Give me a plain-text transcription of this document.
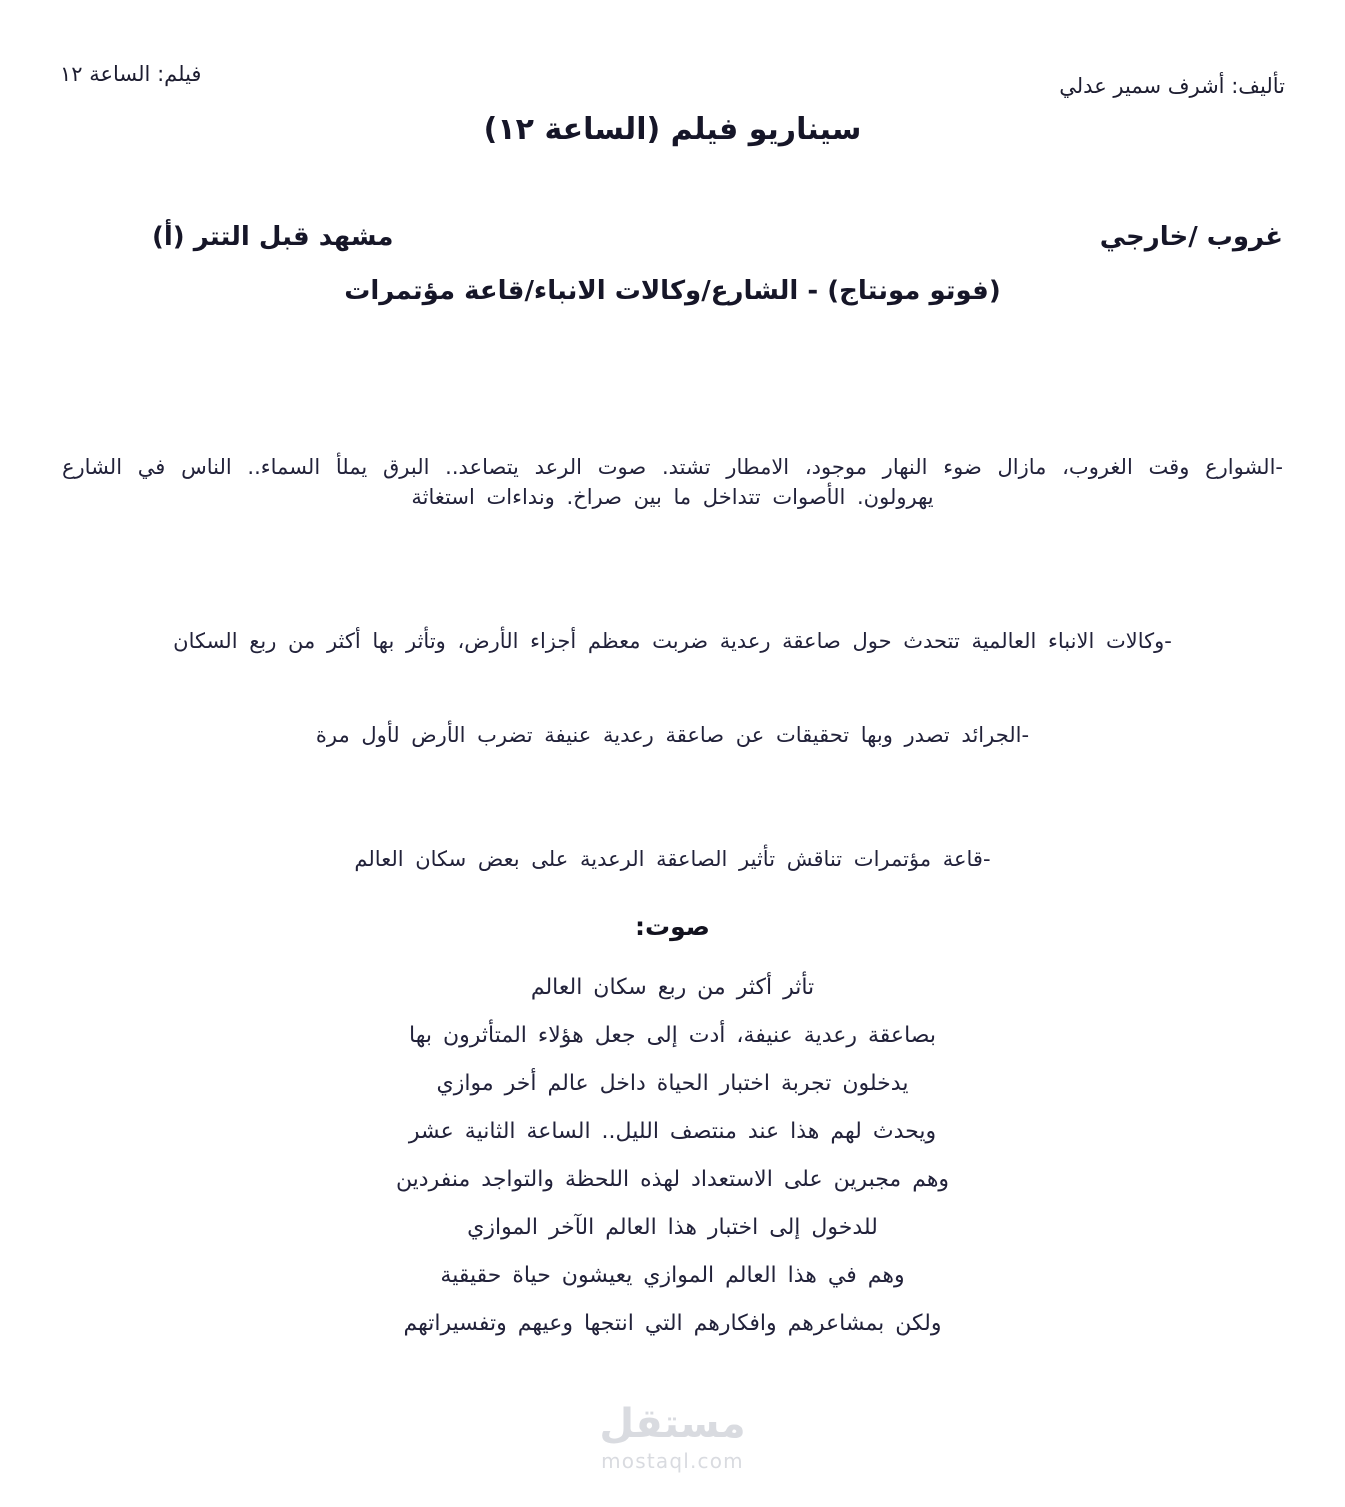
فيلم: الساعة ١٢	تأليف: أشرف سمير عدلي
سيناريو فيلم (الساعة ١٢)
مشهد قبل التتر (أ)	غروب /خارجي
(فوتو مونتاج) - الشارع/وكالات الانباء/قاعة مؤتمرات

-الشوارع وقت الغروب، مازال ضوء النهار موجود، الامطار تشتد. صوت الرعد يتصاعد.. البرق يملأ السماء.. الناس في الشارع يهرولون. الأصوات تتداخل ما بين صراخ. ونداءات استغاثة

-وكالات الانباء العالمية تتحدث حول صاعقة رعدية ضربت معظم أجزاء الأرض، وتأثر بها أكثر من ربع السكان

-الجرائد تصدر وبها تحقيقات عن صاعقة رعدية عنيفة تضرب الأرض لأول مرة

-قاعة مؤتمرات تناقش تأثير الصاعقة الرعدية على بعض سكان العالم

صوت:
تأثر أكثر من ربع سكان العالم
بصاعقة رعدية عنيفة، أدت إلى جعل هؤلاء المتأثرون بها
يدخلون تجربة اختبار الحياة داخل عالم أخر موازي
ويحدث لهم هذا عند منتصف الليل.. الساعة الثانية عشر
وهم مجبرين على الاستعداد لهذه اللحظة والتواجد منفردين
للدخول إلى اختبار هذا العالم الآخر الموازي
وهم في هذا العالم الموازي يعيشون حياة حقيقية
ولكن بمشاعرهم وافكارهم التي انتجها وعيهم وتفسيراتهم
مستقل
mostaql.com
